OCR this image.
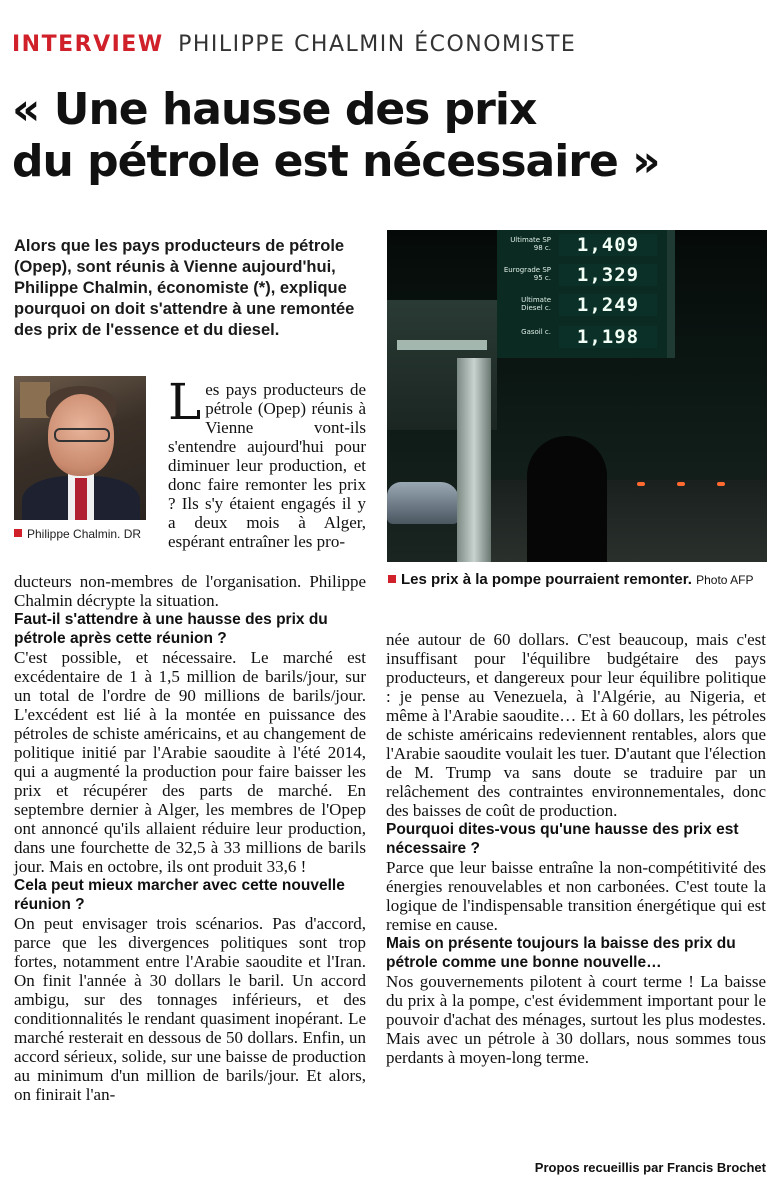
INTERVIEW PHILIPPE CHALMIN ÉCONOMISTE
« Une hausse des prix
du pétrole est nécessaire »
Alors que les pays producteurs de pétrole (Opep), sont réunis à Vienne aujourd'hui, Philippe Chalmin, économiste (*), explique pourquoi on doit s'attendre à une remontée des prix de l'essence et du diesel.
Philippe Chalmin. DR
Ultimate SP 98 c.	1,409
Eurograde SP 95 c.	1,329
Ultimate Diesel c.	1,249
Gasoil c.	1,198
Les prix à la pompe pourraient remonter. Photo AFP
Les pays producteurs de pétrole (Opep) réunis à Vienne vont-ils s'entendre aujourd'hui pour diminuer leur production, et donc faire remonter les prix ? Ils s'y étaient engagés il y a deux mois à Alger, espérant entraîner les pro-

ducteurs non-membres de l'organisation. Philippe Chalmin décrypte la situation.

Faut-il s'attendre à une hausse des prix du pétrole après cette réunion ?

C'est possible, et nécessaire. Le marché est excédentaire de 1 à 1,5 million de barils/jour, sur un total de l'ordre de 90 millions de barils/jour. L'excédent est lié à la montée en puissance des pétroles de schiste américains, et au changement de politique initié par l'Arabie saoudite à l'été 2014, qui a augmenté la production pour faire baisser les prix et récupérer des parts de marché. En septembre dernier à Alger, les membres de l'Opep ont annoncé qu'ils allaient réduire leur production, dans une fourchette de 32,5 à 33 millions de barils jour. Mais en octobre, ils ont produit 33,6 !

Cela peut mieux marcher avec cette nouvelle réunion ?

On peut envisager trois scénarios. Pas d'accord, parce que les divergences politiques sont trop fortes, notamment entre l'Arabie saoudite et l'Iran. On finit l'année à 30 dollars le baril. Un accord ambigu, sur des tonnages inférieurs, et des conditionnalités le rendant quasiment inopérant. Le marché resterait en dessous de 50 dollars. Enfin, un accord sérieux, solide, sur une baisse de production au minimum d'un million de barils/jour. Et alors, on finirait l'an-

née autour de 60 dollars. C'est beaucoup, mais c'est insuffisant pour l'équilibre budgétaire des pays producteurs, et dangereux pour leur équilibre politique : je pense au Venezuela, à l'Algérie, au Nigeria, et même à l'Arabie saoudite… Et à 60 dollars, les pétroles de schiste américains redeviennent rentables, alors que l'Arabie saoudite voulait les tuer. D'autant que l'élection de M. Trump va sans doute se traduire par un relâchement des contraintes environnementales, donc des baisses de coût de production.

Pourquoi dites-vous qu'une hausse des prix est nécessaire ?

Parce que leur baisse entraîne la non-compétitivité des énergies renouvelables et non carbonées. C'est toute la logique de l'indispensable transition énergétique qui est remise en cause.

Mais on présente toujours la baisse des prix du pétrole comme une bonne nouvelle…

Nos gouvernements pilotent à court terme ! La baisse du prix à la pompe, c'est évidemment important pour le pouvoir d'achat des ménages, surtout les plus modestes. Mais avec un pétrole à 30 dollars, nous sommes tous perdants à moyen-long terme.

Propos recueillis par Francis Brochet
